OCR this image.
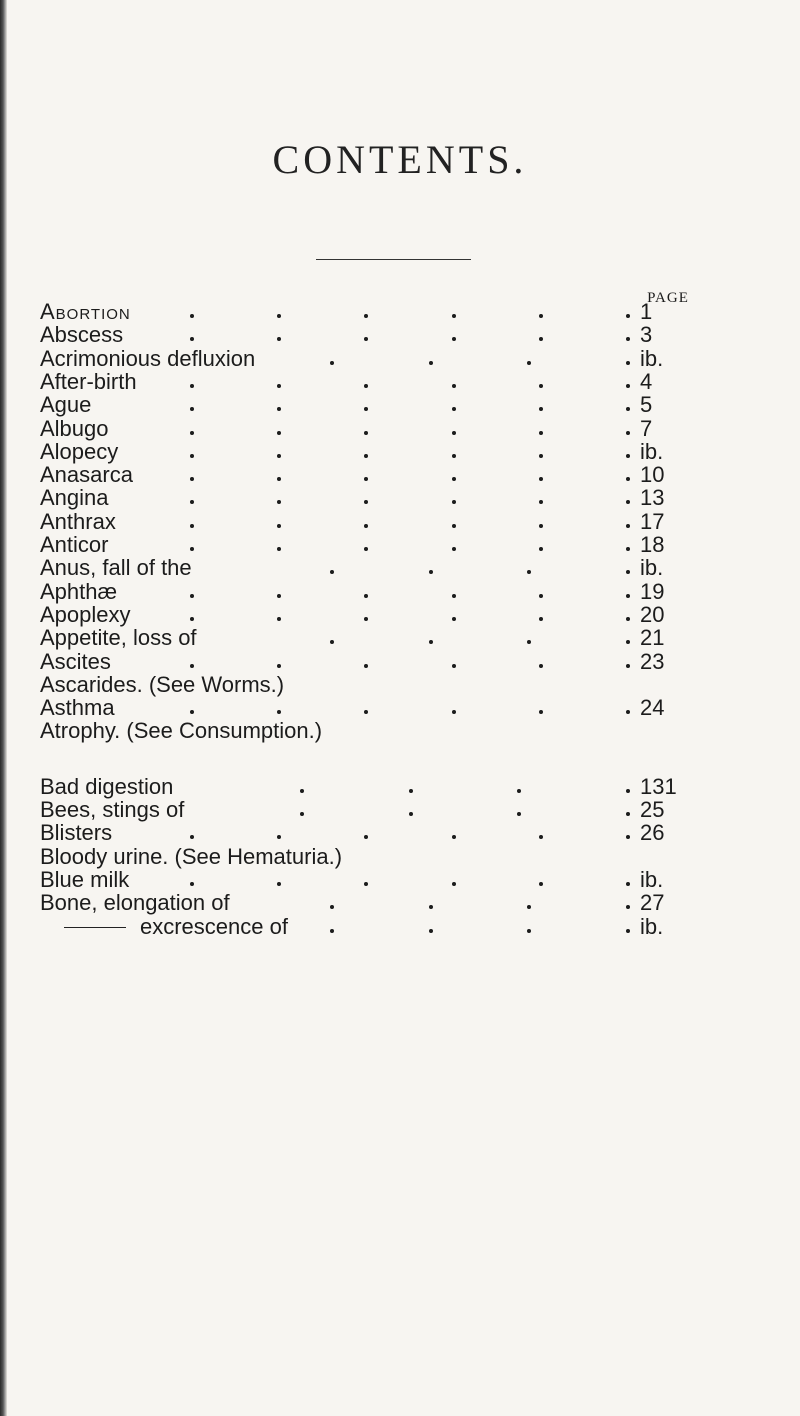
CONTENTS.
PAGE
Abortion	1
Abscess	3
Acrimonious defluxion	ib.
After-birth	4
Ague	5
Albugo	7
Alopecy	ib.
Anasarca	10
Angina	13
Anthrax	17
Anticor	18
Anus, fall of the	ib.
Aphthæ	19
Apoplexy	20
Appetite, loss of	21
Ascites	23
Ascarides. (See Worms.)
Asthma	24
Atrophy. (See Consumption.)
Bad digestion	131
Bees, stings of	25
Blisters	26
Bloody urine. (See Hematuria.)
Blue milk	ib.
Bone, elongation of	27
excrescence of	ib.
